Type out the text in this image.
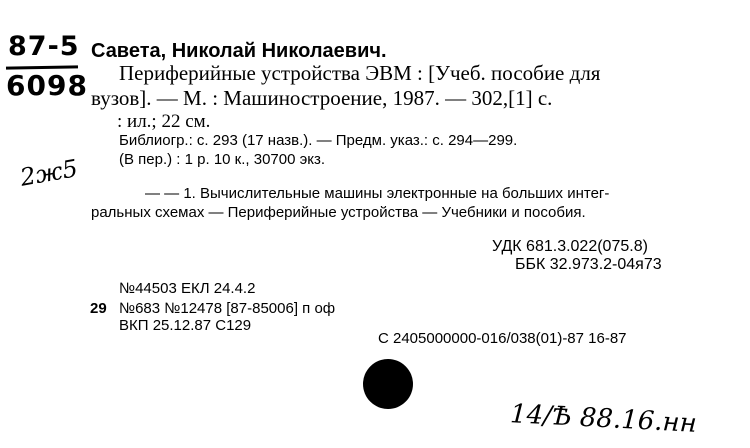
87-5
6098
Савета, Николай Николаевич.
Периферийные устройства ЭВМ : [Учеб. пособие для
вузов]. — М. : Машиностроение, 1987. — 302,[1] с.
: ил.; 22 см.
Библиогр.: с. 293 (17 назв.). — Предм. указ.: с. 294—299.
(В пер.) : 1 р. 10 к., 30700 экз.
2ж5
— — 1. Вычислительные машины электронные на больших интег-
ральных схемах — Периферийные устройства — Учебники и пособия.
УДК 681.3.022(075.8)
ББК 32.973.2-04я73
№44503 ЕКЛ 24.4.2
29 №683 №12478 [87-85006] п оф
ВКП 25.12.87 С129
С 2405000000-016/038(01)-87 16-87
14/Ѣ 88.16.нн
